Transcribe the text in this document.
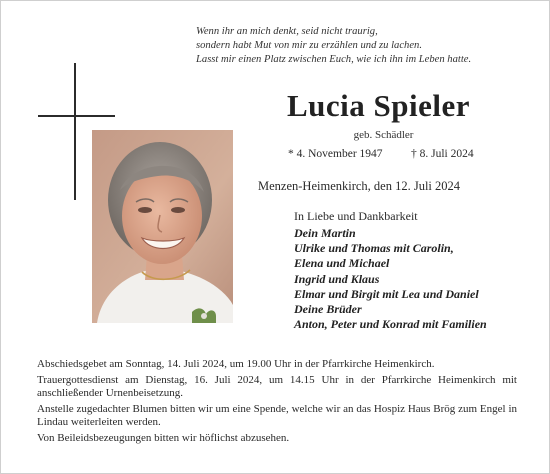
Wenn ihr an mich denkt, seid nicht traurig,
sondern habt Mut von mir zu erzählen und zu lachen.
Lasst mir einen Platz zwischen Euch, wie ich ihn im Leben hatte.
Lucia Spieler
geb. Schädler
* 4. November 1947 † 8. Juli 2024
Menzen-Heimenkirch, den 12. Juli 2024
In Liebe und Dankbarkeit
Dein Martin
Ulrike und Thomas mit Carolin,
Elena und Michael
Ingrid und Klaus
Elmar und Birgit mit Lea und Daniel
Deine Brüder
Anton, Peter und Konrad mit Familien

Abschiedsgebet am Sonntag, 14. Juli 2024, um 19.00 Uhr in der Pfarrkirche Heimenkirch.

Trauergottesdienst am Dienstag, 16. Juli 2024, um 14.15 Uhr in der Pfarrkirche Heimenkirch mit anschließender Urnenbeisetzung.

Anstelle zugedachter Blumen bitten wir um eine Spende, welche wir an das Hospiz Haus Brög zum Engel in Lindau weiterleiten werden.

Von Beileidsbezeugungen bitten wir höflichst abzusehen.
